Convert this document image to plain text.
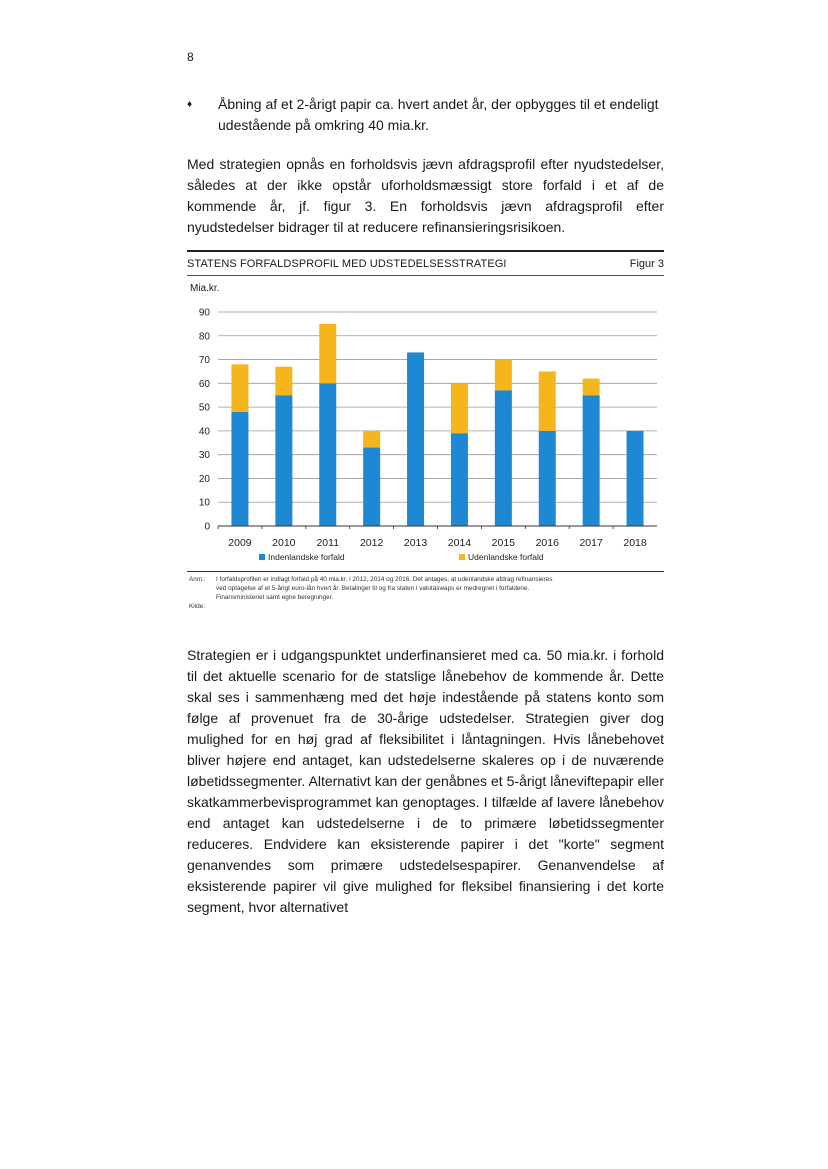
8
♦ Åbning af et 2-årigt papir ca. hvert andet år, der opbygges til et endeligt udestående på omkring 40 mia.kr.
Med strategien opnås en forholdsvis jævn afdragsprofil efter nyudstedelser, således at der ikke opstår uforholdsmæssigt store forfald i et af de kommende år, jf. figur 3. En forholdsvis jævn afdragsprofil efter nyudstedelser bidrager til at reducere refinansieringsrisikoen.
STATENS FORFALDSPROFIL MED UDSTEDELSESSTRATEGI	Figur 3
Mia.kr.
0
10
20
30
40
50
60
70
80
90
2009 2010 2011 2012 2013 2014 2015 2016 2017 2018
Indenlandske forfald	Udenlandske forfald
Anm.: I forfaldsprofilen er indlagt forfald på 40 mia.kr. i 2012, 2014 og 2016. Det antages, at udenlandske afdrag refinansieres
ved optagelse af et 5-årigt euro-lån hvert år. Betalinger til og fra staten i valutaswaps er medregnet i forfaldene.
Finansministeriet samt egne beregninger.
Kilde:
Strategien er i udgangspunktet underfinansieret med ca. 50 mia.kr. i forhold til det aktuelle scenario for de statslige lånebehov de kommende år. Dette skal ses i sammenhæng med det høje indestående på statens konto som følge af provenuet fra de 30-årige udstedelser. Strategien giver dog mulighed for en høj grad af fleksibilitet i låntagningen. Hvis lånebehovet bliver højere end antaget, kan udstedelserne skaleres op i de nuværende løbetidssegmenter. Alternativt kan der genåbnes et 5-årigt låneviftepapir eller skatkammerbevisprogrammet kan genoptages. I tilfælde af lavere lånebehov end antaget kan udstedelserne i de to primære løbetidssegmenter reduceres. Endvidere kan eksisterende papirer i det "korte" segment genanvendes som primære udstedelsespapirer. Genanvendelse af eksisterende papirer vil give mulighed for fleksibel finansiering i det korte segment, hvor alternativet
